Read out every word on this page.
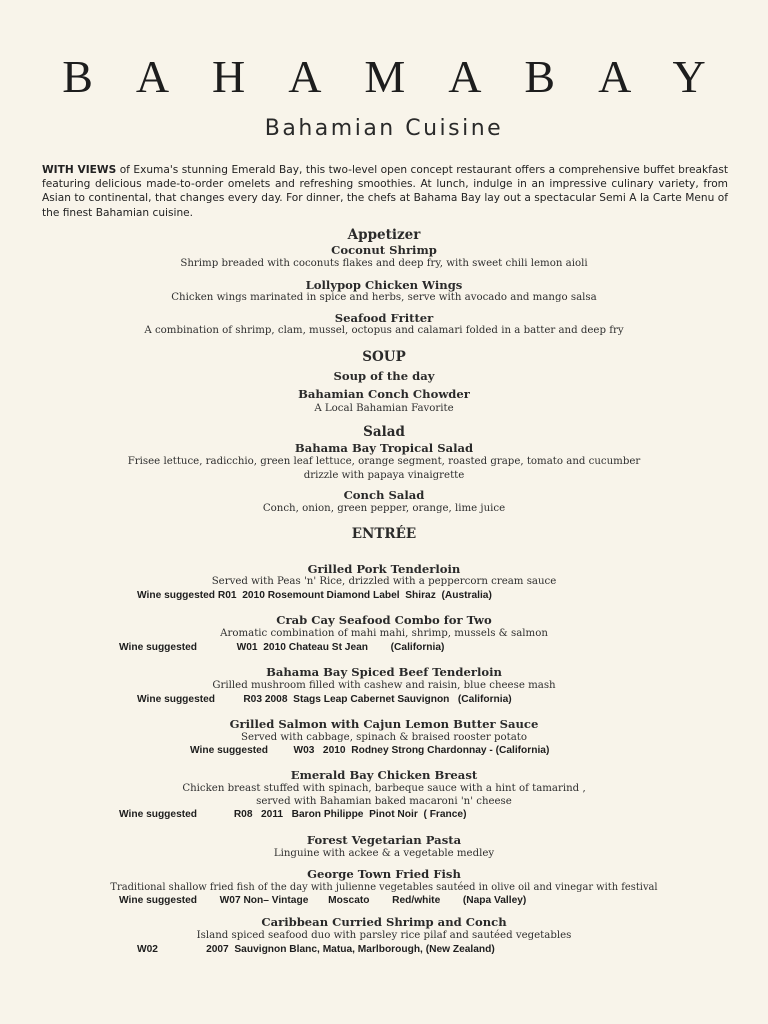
B A H A M A B A Y
Bahamian Cuisine
WITH VIEWS of Exuma's stunning Emerald Bay, this two-level open concept restaurant offers a comprehensive buffet breakfast featuring delicious made-to-order omelets and refreshing smoothies. At lunch, indulge in an impressive culinary variety, from Asian to continental, that changes every day. For dinner, the chefs at Bahama Bay lay out a spectacular Semi A la Carte Menu of the finest Bahamian cuisine.
Appetizer
Coconut Shrimp
Shrimp breaded with coconuts flakes and deep fry, with sweet chili lemon aioli
Lollypop Chicken Wings
Chicken wings marinated in spice and herbs, serve with avocado and mango salsa
Seafood Fritter
A combination of shrimp, clam, mussel, octopus and calamari folded in a batter and deep fry
SOUP
Soup of the day
Bahamian Conch Chowder
A Local Bahamian Favorite
Salad
Bahama Bay Tropical Salad
Frisee lettuce, radicchio, green leaf lettuce, orange segment, roasted grape, tomato and cucumber
drizzle with papaya vinaigrette
Conch Salad
Conch, onion, green pepper, orange, lime juice
ENTRÉE
Grilled Pork Tenderloin
Served with Peas 'n' Rice, drizzled with a peppercorn cream sauce
Wine suggested R01  2010 Rosemount Diamond Label  Shiraz  (Australia)
Crab Cay Seafood Combo for Two
Aromatic combination of mahi mahi, shrimp, mussels & salmon
Wine suggested              W01  2010 Chateau St Jean        (California)
Bahama Bay Spiced Beef Tenderloin
Grilled mushroom filled with cashew and raisin, blue cheese mash
Wine suggested          R03 2008  Stags Leap Cabernet Sauvignon   (California)
Grilled Salmon with Cajun Lemon Butter Sauce
Served with cabbage, spinach & braised rooster potato
Wine suggested         W03   2010  Rodney Strong Chardonnay - (California)
Emerald Bay Chicken Breast
Chicken breast stuffed with spinach, barbeque sauce with a hint of tamarind ,
served with Bahamian baked macaroni 'n' cheese
Wine suggested             R08   2011   Baron Philippe  Pinot Noir  ( France)
Forest Vegetarian Pasta
Linguine with ackee & a vegetable medley
George Town Fried Fish
Traditional shallow fried fish of the day with julienne vegetables sautéed in olive oil and vinegar with festival
Wine suggested        W07 Non– Vintage       Moscato        Red/white        (Napa Valley)
Caribbean Curried Shrimp and Conch
Island spiced seafood duo with parsley rice pilaf and sautéed vegetables
W02                 2007  Sauvignon Blanc, Matua, Marlborough, (New Zealand)
